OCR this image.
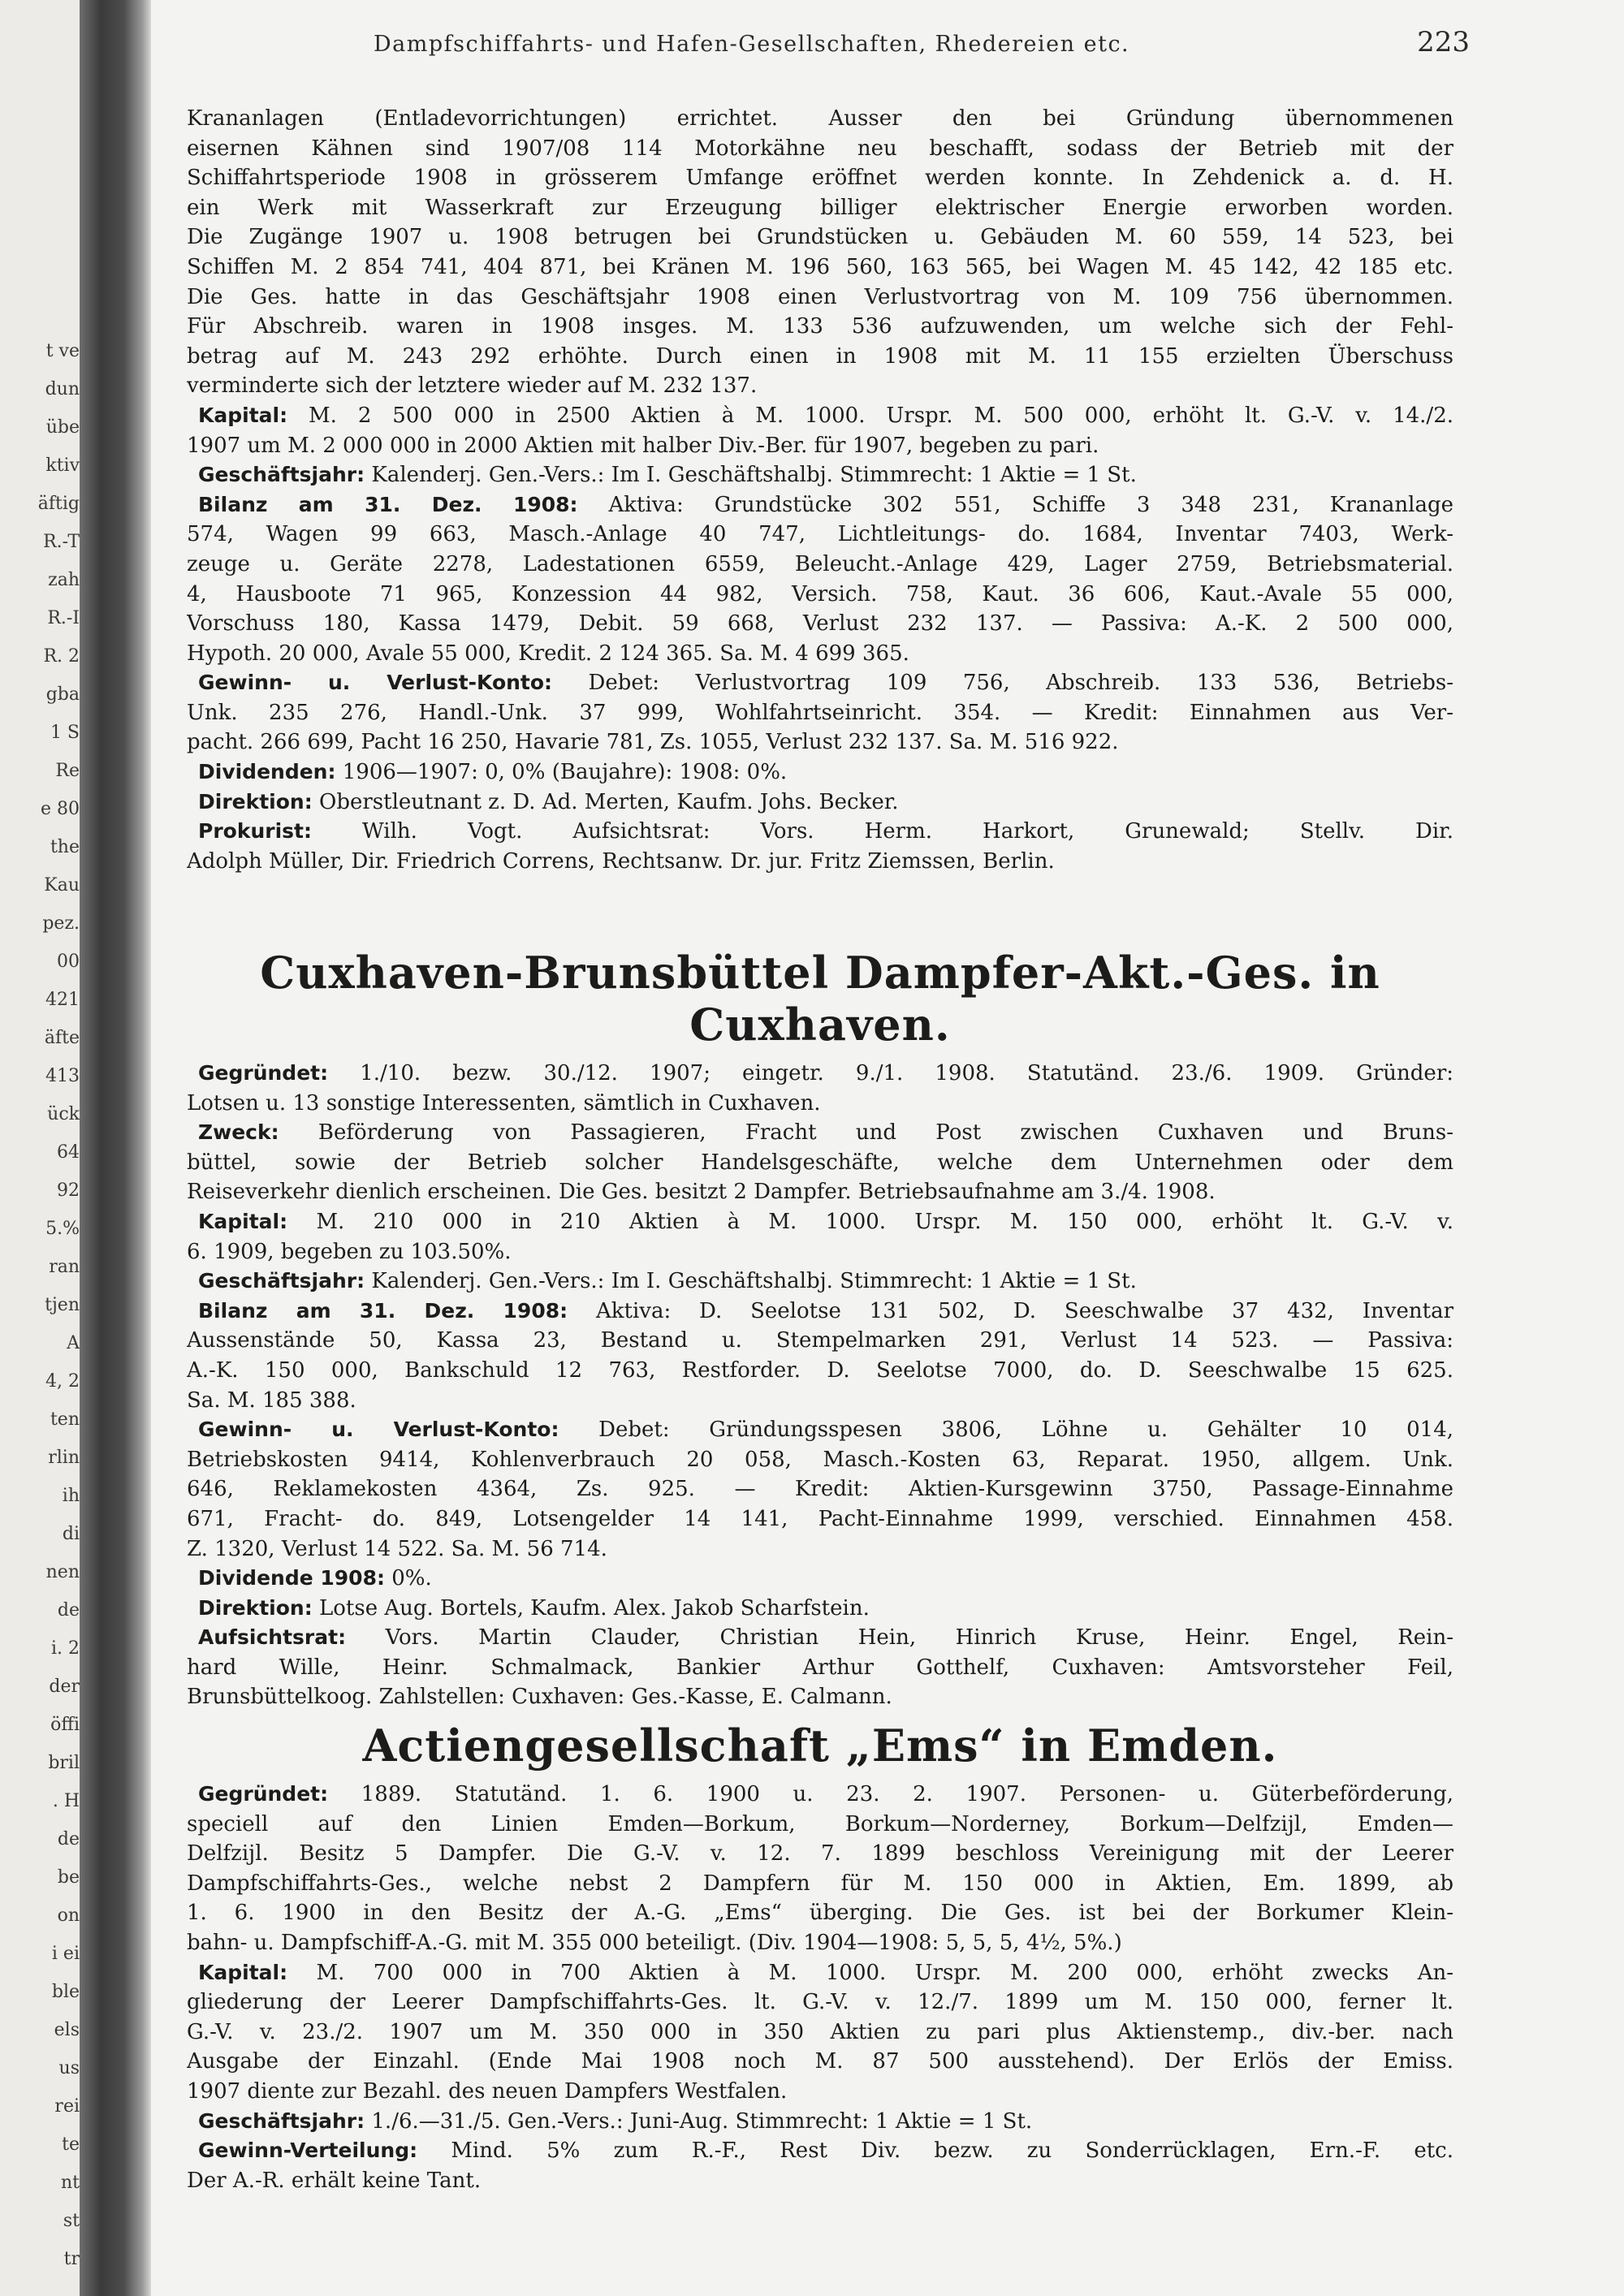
t ve
dun
übe
ktiv
äftig
R.-T
zah
R.-I
R. 2
gba
1 S
Re
e 80
the
Kau
pez.
00
421
äfte
413
ück
64
92
5.%
ran
tjen
A
4, 2
ten
rlin
ih
di
nen
de
i. 2
der
öffi
bril
. H
de
be
on
i ei
ble
els
us
rei
te
nt
st
tr
Dampfschiffahrts- und Hafen-Gesellschaften, Rhedereien etc.	223

Krananlagen (Entladevorrichtungen) errichtet. Ausser den bei Gründung übernommenen

eisernen Kähnen sind 1907/08 114 Motorkähne neu beschafft, sodass der Betrieb mit der

Schiffahrtsperiode 1908 in grösserem Umfange eröffnet werden konnte. In Zehdenick a. d. H.

ein Werk mit Wasserkraft zur Erzeugung billiger elektrischer Energie erworben worden.

Die Zugänge 1907 u. 1908 betrugen bei Grundstücken u. Gebäuden M. 60 559, 14 523, bei

Schiffen M. 2 854 741, 404 871, bei Kränen M. 196 560, 163 565, bei Wagen M. 45 142, 42 185 etc.

Die Ges. hatte in das Geschäftsjahr 1908 einen Verlustvortrag von M. 109 756 übernommen.

Für Abschreib. waren in 1908 insges. M. 133 536 aufzuwenden, um welche sich der Fehl-

betrag auf M. 243 292 erhöhte. Durch einen in 1908 mit M. 11 155 erzielten Überschuss

verminderte sich der letztere wieder auf M. 232 137.

Kapital: M. 2 500 000 in 2500 Aktien à M. 1000. Urspr. M. 500 000, erhöht lt. G.-V. v. 14./2.

1907 um M. 2 000 000 in 2000 Aktien mit halber Div.-Ber. für 1907, begeben zu pari.

Geschäftsjahr: Kalenderj. Gen.-Vers.: Im I. Geschäftshalbj. Stimmrecht: 1 Aktie = 1 St.

Bilanz am 31. Dez. 1908: Aktiva: Grundstücke 302 551, Schiffe 3 348 231, Krananlage

574, Wagen 99 663, Masch.-Anlage 40 747, Lichtleitungs- do. 1684, Inventar 7403, Werk-

zeuge u. Geräte 2278, Ladestationen 6559, Beleucht.-Anlage 429, Lager 2759, Betriebsmaterial.

4, Hausboote 71 965, Konzession 44 982, Versich. 758, Kaut. 36 606, Kaut.-Avale 55 000,

Vorschuss 180, Kassa 1479, Debit. 59 668, Verlust 232 137. — Passiva: A.-K. 2 500 000,

Hypoth. 20 000, Avale 55 000, Kredit. 2 124 365. Sa. M. 4 699 365.

Gewinn- u. Verlust-Konto: Debet: Verlustvortrag 109 756, Abschreib. 133 536, Betriebs-

Unk. 235 276, Handl.-Unk. 37 999, Wohlfahrtseinricht. 354. — Kredit: Einnahmen aus Ver-

pacht. 266 699, Pacht 16 250, Havarie 781, Zs. 1055, Verlust 232 137. Sa. M. 516 922.

Dividenden: 1906—1907: 0, 0% (Baujahre): 1908: 0%.

Direktion: Oberstleutnant z. D. Ad. Merten, Kaufm. Johs. Becker.

Prokurist: Wilh. Vogt. Aufsichtsrat: Vors. Herm. Harkort, Grunewald; Stellv. Dir.

Adolph Müller, Dir. Friedrich Correns, Rechtsanw. Dr. jur. Fritz Ziemssen, Berlin.

Cuxhaven-Brunsbüttel Dampfer-Akt.-Ges. in Cuxhaven.

Gegründet: 1./10. bezw. 30./12. 1907; eingetr. 9./1. 1908. Statutänd. 23./6. 1909. Gründer:

Lotsen u. 13 sonstige Interessenten, sämtlich in Cuxhaven.

Zweck: Beförderung von Passagieren, Fracht und Post zwischen Cuxhaven und Bruns-

büttel, sowie der Betrieb solcher Handelsgeschäfte, welche dem Unternehmen oder dem

Reiseverkehr dienlich erscheinen. Die Ges. besitzt 2 Dampfer. Betriebsaufnahme am 3./4. 1908.

Kapital: M. 210 000 in 210 Aktien à M. 1000. Urspr. M. 150 000, erhöht lt. G.-V. v.

6. 1909, begeben zu 103.50%.

Geschäftsjahr: Kalenderj. Gen.-Vers.: Im I. Geschäftshalbj. Stimmrecht: 1 Aktie = 1 St.

Bilanz am 31. Dez. 1908: Aktiva: D. Seelotse 131 502, D. Seeschwalbe 37 432, Inventar

Aussenstände 50, Kassa 23, Bestand u. Stempelmarken 291, Verlust 14 523. — Passiva:

A.-K. 150 000, Bankschuld 12 763, Restforder. D. Seelotse 7000, do. D. Seeschwalbe 15 625.

Sa. M. 185 388.

Gewinn- u. Verlust-Konto: Debet: Gründungsspesen 3806, Löhne u. Gehälter 10 014,

Betriebskosten 9414, Kohlenverbrauch 20 058, Masch.-Kosten 63, Reparat. 1950, allgem. Unk.

646, Reklamekosten 4364, Zs. 925. — Kredit: Aktien-Kursgewinn 3750, Passage-Einnahme

671, Fracht- do. 849, Lotsengelder 14 141, Pacht-Einnahme 1999, verschied. Einnahmen 458.

Z. 1320, Verlust 14 522. Sa. M. 56 714.

Dividende 1908: 0%.

Direktion: Lotse Aug. Bortels, Kaufm. Alex. Jakob Scharfstein.

Aufsichtsrat: Vors. Martin Clauder, Christian Hein, Hinrich Kruse, Heinr. Engel, Rein-

hard Wille, Heinr. Schmalmack, Bankier Arthur Gotthelf, Cuxhaven: Amtsvorsteher Feil,

Brunsbüttelkoog. Zahlstellen: Cuxhaven: Ges.-Kasse, E. Calmann.

Actiengesellschaft „Ems“ in Emden.

Gegründet: 1889. Statutänd. 1. 6. 1900 u. 23. 2. 1907. Personen- u. Güterbeförderung,

speciell auf den Linien Emden—Borkum, Borkum—Norderney, Borkum—Delfzijl, Emden—

Delfzijl. Besitz 5 Dampfer. Die G.-V. v. 12. 7. 1899 beschloss Vereinigung mit der Leerer

Dampfschiffahrts-Ges., welche nebst 2 Dampfern für M. 150 000 in Aktien, Em. 1899, ab

1. 6. 1900 in den Besitz der A.-G. „Ems“ überging. Die Ges. ist bei der Borkumer Klein-

bahn- u. Dampfschiff-A.-G. mit M. 355 000 beteiligt. (Div. 1904—1908: 5, 5, 5, 4½, 5%.)

Kapital: M. 700 000 in 700 Aktien à M. 1000. Urspr. M. 200 000, erhöht zwecks An-

gliederung der Leerer Dampfschiffahrts-Ges. lt. G.-V. v. 12./7. 1899 um M. 150 000, ferner lt.

G.-V. v. 23./2. 1907 um M. 350 000 in 350 Aktien zu pari plus Aktienstemp., div.-ber. nach

Ausgabe der Einzahl. (Ende Mai 1908 noch M. 87 500 ausstehend). Der Erlös der Emiss.

1907 diente zur Bezahl. des neuen Dampfers Westfalen.

Geschäftsjahr: 1./6.—31./5. Gen.-Vers.: Juni-Aug. Stimmrecht: 1 Aktie = 1 St.

Gewinn-Verteilung: Mind. 5% zum R.-F., Rest Div. bezw. zu Sonderrücklagen, Ern.-F. etc.

Der A.-R. erhält keine Tant.
